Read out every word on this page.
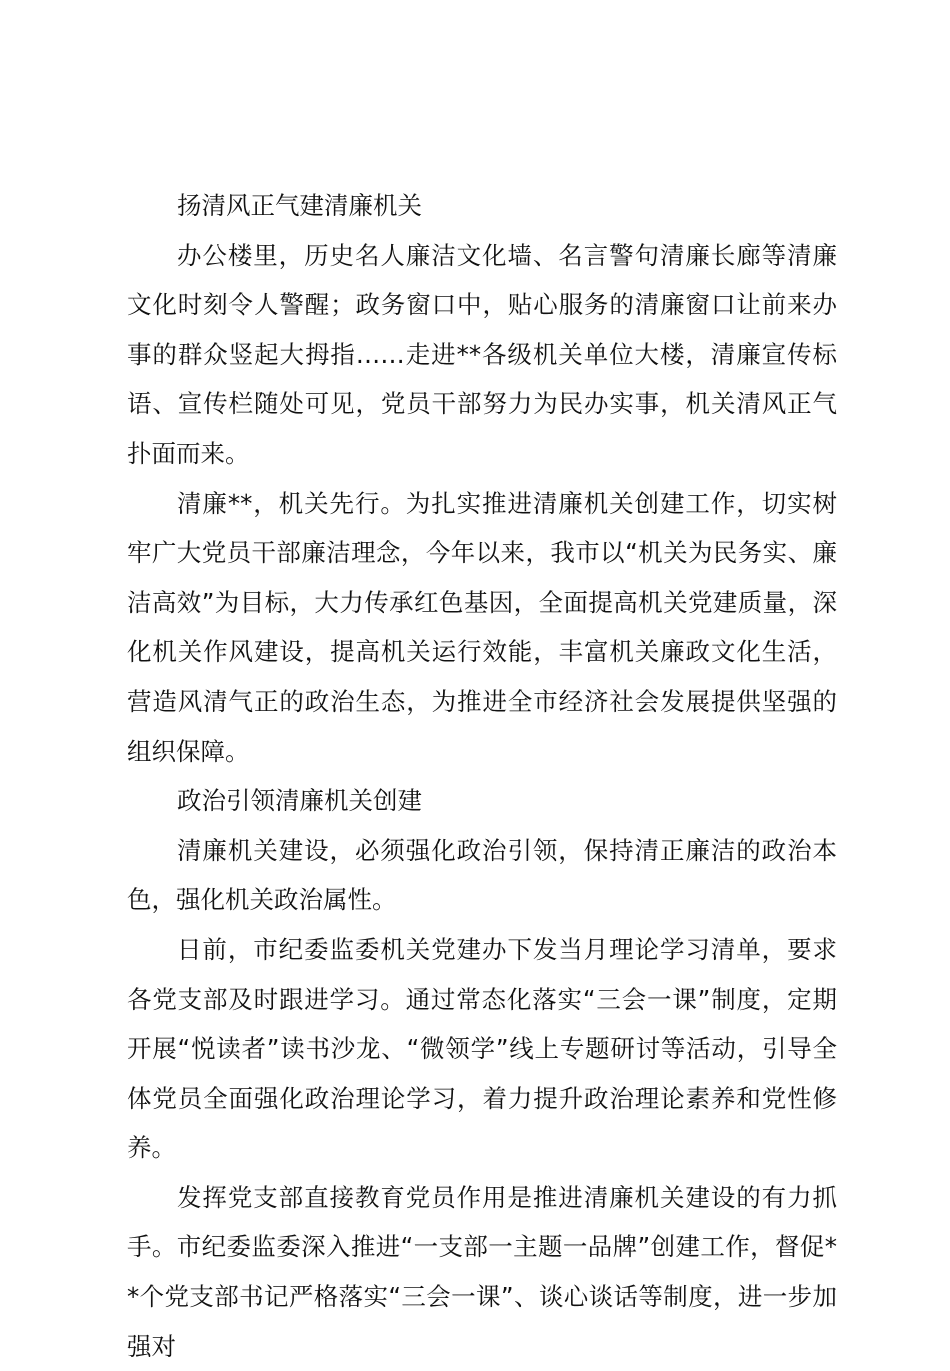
扬清风正气建清廉机关

办公楼里，历史名人廉洁文化墙、名言警句清廉长廊等清廉文化时刻令人警醒；政务窗口中，贴心服务的清廉窗口让前来办事的群众竖起大拇指……走进**各级机关单位大楼，清廉宣传标语、宣传栏随处可见，党员干部努力为民办实事，机关清风正气扑面而来。

清廉**，机关先行。为扎实推进清廉机关创建工作，切实树牢广大党员干部廉洁理念，今年以来，我市以“机关为民务实、廉洁高效”为目标，大力传承红色基因，全面提高机关党建质量，深化机关作风建设，提高机关运行效能，丰富机关廉政文化生活，营造风清气正的政治生态，为推进全市经济社会发展提供坚强的组织保障。

政治引领清廉机关创建

清廉机关建设，必须强化政治引领，保持清正廉洁的政治本色，强化机关政治属性。

日前，市纪委监委机关党建办下发当月理论学习清单，要求各党支部及时跟进学习。通过常态化落实“三会一课”制度，定期开展“悦读者”读书沙龙、“微领学”线上专题研讨等活动，引导全体党员全面强化政治理论学习，着力提升政治理论素养和党性修养。

发挥党支部直接教育党员作用是推进清廉机关建设的有力抓手。市纪委监委深入推进“一支部一主题一品牌”创建工作，督促**个党支部书记严格落实“三会一课”、谈心谈话等制度，进一步加强对
